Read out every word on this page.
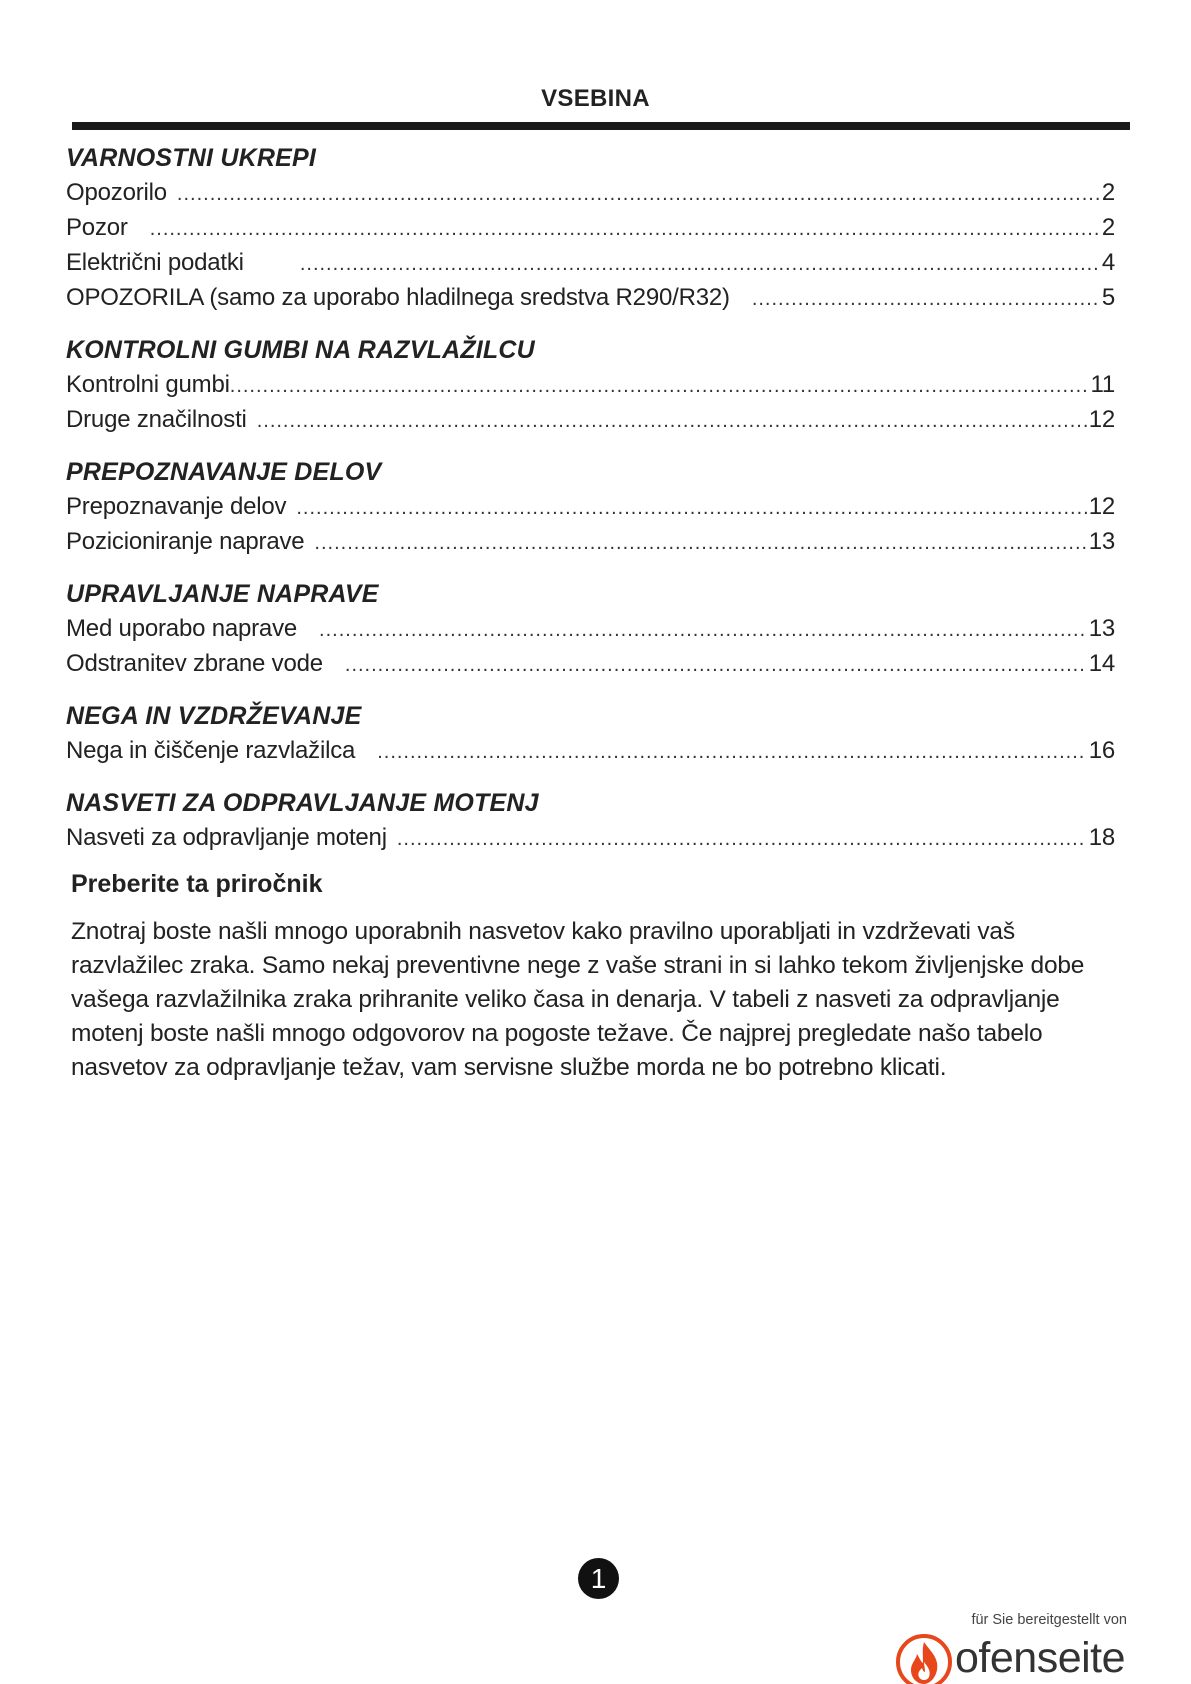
VSEBINA
VARNOSTNI UKREPI
Opozorilo .....	2
Pozor .....	2
Električni podatki .....	4
OPOZORILA (samo za uporabo hladilnega sredstva R290/R32) .....	5
KONTROLNI GUMBI NA RAZVLAŽILCU
Kontrolni gumbi .....	11
Druge značilnosti .....	12
PREPOZNAVANJE DELOV
Prepoznavanje delov .....	12
Pozicioniranje naprave .....	13
UPRAVLJANJE NAPRAVE
Med uporabo naprave .....	13
Odstranitev zbrane vode .....	14
NEGA IN VZDRŽEVANJE
Nega in čiščenje razvlažilca .....	16
NASVETI ZA ODPRAVLJANJE MOTENJ
Nasveti za odpravljanje motenj .....	18
Preberite ta priročnik
Znotraj boste našli mnogo uporabnih nasvetov kako pravilno uporabljati in vzdrževati vaš razvlažilec zraka. Samo nekaj preventivne nege z vaše strani in si lahko tekom življenjske dobe vašega razvlažilnika zraka prihranite veliko časa in denarja. V tabeli z nasveti za odpravljanje motenj boste našli mnogo odgovorov na pogoste težave. Če najprej pregledate našo tabelo nasvetov za odpravljanje težav, vam servisne službe morda ne bo potrebno klicati.
1
für Sie bereitgestellt von
ofenseite
